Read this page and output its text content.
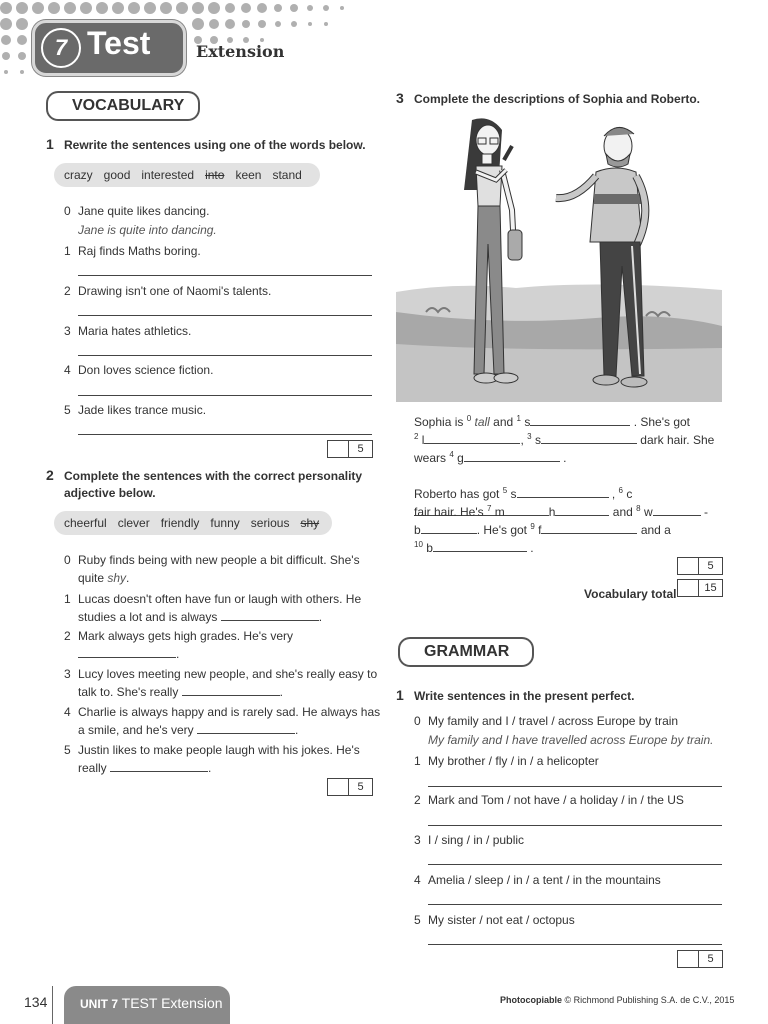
7 Test	Extension
VOCABULARY
1 Rewrite the sentences using one of the words below.
crazy good interested into keen stand
0 Jane quite likes dancing.
Jane is quite into dancing.
1 Raj finds Maths boring.
2 Drawing isn't one of Naomi's talents.
3 Maria hates athletics.
4 Don loves science fiction.
5 Jade likes trance music.
5
2 Complete the sentences with the correct personality
adjective below.
cheerful clever friendly funny serious shy
0 Ruby finds being with new people a bit difficult. She's
quite shy.
1 Lucas doesn't often have fun or laugh with others. He
studies a lot and is always	.
2 Mark always gets high grades. He's very
.
3 Lucy loves meeting new people, and she's really easy to
talk to. She's really	.
4 Charlie is always happy and is rarely sad. He always has
a smile, and he's very	.
5 Justin likes to make people laugh with his jokes. He's
really	.
5
3 Complete the descriptions of Sophia and Roberto.
Sophia is $^0$ tall and $^1$ s	. She's got
$^2$ l	, $^3$ s	dark hair. She
wears $^4$ g	.
Roberto has got $^5$ s	, $^6$ c
fair hair. He's $^7$ m	h	and $^8$ w	-
b	. He's got $^9$ f	and a
$^{10}$ b	.
5
Vocabulary total	15
GRAMMAR
1 Write sentences in the present perfect.
0 My family and I / travel / across Europe by train
My family and I have travelled across Europe by train.
1 My brother / fly / in / a helicopter
2 Mark and Tom / not have / a holiday / in / the US
3 I / sing / in / public
4 Amelia / sleep / in / a tent / in the mountains
5 My sister / not eat / octopus
5
134	UNIT 7 TEST Extension	Photocopiable © Richmond Publishing S.A. de C.V., 2015
